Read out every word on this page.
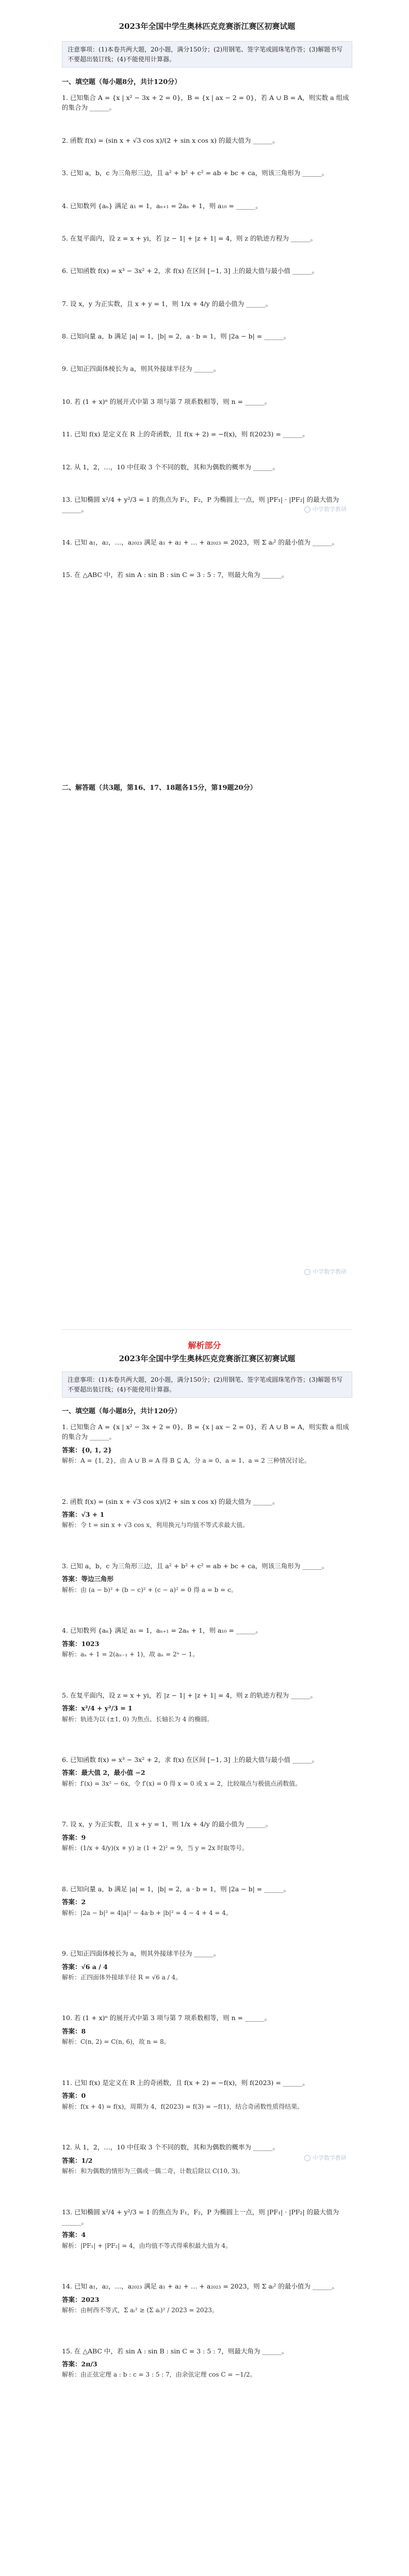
2023年全国中学生奥林匹克竞赛浙江赛区初赛试题

注意事项：(1)本卷共两大题，20小题，满分150分；(2)用钢笔、签字笔或圆珠笔作答；(3)解题书写不要超出装订线；(4)不能使用计算器。

一、填空题（每小题8分，共计120分）

1. 已知集合 A = {x | x² − 3x + 2 = 0}，B = {x | ax − 2 = 0}，若 A ∪ B = A，则实数 a 组成的集合为 ______。

2. 函数 f(x) = (sin x + √3 cos x)/(2 + sin x cos x) 的最大值为 ______。

3. 已知 a，b，c 为三角形三边，且 a² + b² + c² = ab + bc + ca，则该三角形为 ______。

4. 已知数列 {aₙ} 满足 a₁ = 1，aₙ₊₁ = 2aₙ + 1，则 a₁₀ = ______。

5. 在复平面内，设 z = x + yi，若 |z − 1| + |z + 1| = 4，则 z 的轨迹方程为 ______。

6. 已知函数 f(x) = x³ − 3x² + 2，求 f(x) 在区间 [−1, 3] 上的最大值与最小值 ______。

7. 设 x，y 为正实数，且 x + y = 1，则 1/x + 4/y 的最小值为 ______。

8. 已知向量 a，b 满足 |a| = 1，|b| = 2，a · b = 1，则 |2a − b| = ______。

9. 已知正四面体棱长为 a，则其外接球半径为 ______。

10. 若 (1 + x)ⁿ 的展开式中第 3 项与第 7 项系数相等，则 n = ______。

11. 已知 f(x) 是定义在 R 上的奇函数，且 f(x + 2) = −f(x)，则 f(2023) = ______。

12. 从 1，2，…，10 中任取 3 个不同的数，其和为偶数的概率为 ______。

13. 已知椭圆 x²/4 + y²/3 = 1 的焦点为 F₁，F₂，P 为椭圆上一点，则 |PF₁| · |PF₂| 的最大值为 ______。

14. 已知 a₁，a₂，…，a₂₀₂₃ 满足 a₁ + a₂ + … + a₂₀₂₃ = 2023，则 Σ aᵢ² 的最小值为 ______。

15. 在 △ABC 中，若 sin A : sin B : sin C = 3 : 5 : 7，则最大角为 ______。

二、解答题（共3题，第16、17、18题各15分，第19题20分）

中学数学教研
中学数学教研
解析部分

2023年全国中学生奥林匹克竞赛浙江赛区初赛试题

注意事项：(1)本卷共两大题，20小题，满分150分；(2)用钢笔、签字笔或圆珠笔作答；(3)解题书写不要超出装订线；(4)不能使用计算器。

一、填空题（每小题8分，共计120分）

1. 已知集合 A = {x | x² − 3x + 2 = 0}，B = {x | ax − 2 = 0}，若 A ∪ B = A，则实数 a 组成的集合为 ______。

答案：{0, 1, 2}

解析：A = {1, 2}，由 A ∪ B = A 得 B ⊆ A，分 a = 0、a = 1、a = 2 三种情况讨论。

2. 函数 f(x) = (sin x + √3 cos x)/(2 + sin x cos x) 的最大值为 ______。

答案：√3 + 1

解析：令 t = sin x + √3 cos x，利用换元与均值不等式求最大值。

3. 已知 a，b，c 为三角形三边，且 a² + b² + c² = ab + bc + ca，则该三角形为 ______。

答案：等边三角形

解析：由 (a − b)² + (b − c)² + (c − a)² = 0 得 a = b = c。

4. 已知数列 {aₙ} 满足 a₁ = 1，aₙ₊₁ = 2aₙ + 1，则 a₁₀ = ______。

答案：1023

解析：aₙ + 1 = 2(aₙ₋₁ + 1)，故 aₙ = 2ⁿ − 1。

5. 在复平面内，设 z = x + yi，若 |z − 1| + |z + 1| = 4，则 z 的轨迹方程为 ______。

答案：x²/4 + y²/3 = 1

解析：轨迹为以 (±1, 0) 为焦点、长轴长为 4 的椭圆。

6. 已知函数 f(x) = x³ − 3x² + 2，求 f(x) 在区间 [−1, 3] 上的最大值与最小值 ______。

答案：最大值 2，最小值 −2

解析：f′(x) = 3x² − 6x，令 f′(x) = 0 得 x = 0 或 x = 2，比较端点与极值点函数值。

7. 设 x，y 为正实数，且 x + y = 1，则 1/x + 4/y 的最小值为 ______。

答案：9

解析：(1/x + 4/y)(x + y) ≥ (1 + 2)² = 9，当 y = 2x 时取等号。

8. 已知向量 a，b 满足 |a| = 1，|b| = 2，a · b = 1，则 |2a − b| = ______。

答案：2

解析：|2a − b|² = 4|a|² − 4a·b + |b|² = 4 − 4 + 4 = 4。

9. 已知正四面体棱长为 a，则其外接球半径为 ______。

答案：√6 a / 4

解析：正四面体外接球半径 R = √6 a / 4。

10. 若 (1 + x)ⁿ 的展开式中第 3 项与第 7 项系数相等，则 n = ______。

答案：8

解析：C(n, 2) = C(n, 6)，故 n = 8。

11. 已知 f(x) 是定义在 R 上的奇函数，且 f(x + 2) = −f(x)，则 f(2023) = ______。

答案：0

解析：f(x + 4) = f(x)，周期为 4，f(2023) = f(3) = −f(1)，结合奇函数性质得结果。

12. 从 1，2，…，10 中任取 3 个不同的数，其和为偶数的概率为 ______。

答案：1/2

解析：和为偶数的情形为三偶或一偶二奇，计数后除以 C(10, 3)。

13. 已知椭圆 x²/4 + y²/3 = 1 的焦点为 F₁，F₂，P 为椭圆上一点，则 |PF₁| · |PF₂| 的最大值为 ______。

答案：4

解析：|PF₁| + |PF₂| = 4，由均值不等式得乘积最大值为 4。

14. 已知 a₁，a₂，…，a₂₀₂₃ 满足 a₁ + a₂ + … + a₂₀₂₃ = 2023，则 Σ aᵢ² 的最小值为 ______。

答案：2023

解析：由柯西不等式，Σ aᵢ² ≥ (Σ aᵢ)² / 2023 = 2023。

15. 在 △ABC 中，若 sin A : sin B : sin C = 3 : 5 : 7，则最大角为 ______。

答案：2π/3

解析：由正弦定理 a : b : c = 3 : 5 : 7，由余弦定理 cos C = −1/2。

中学数学教研
